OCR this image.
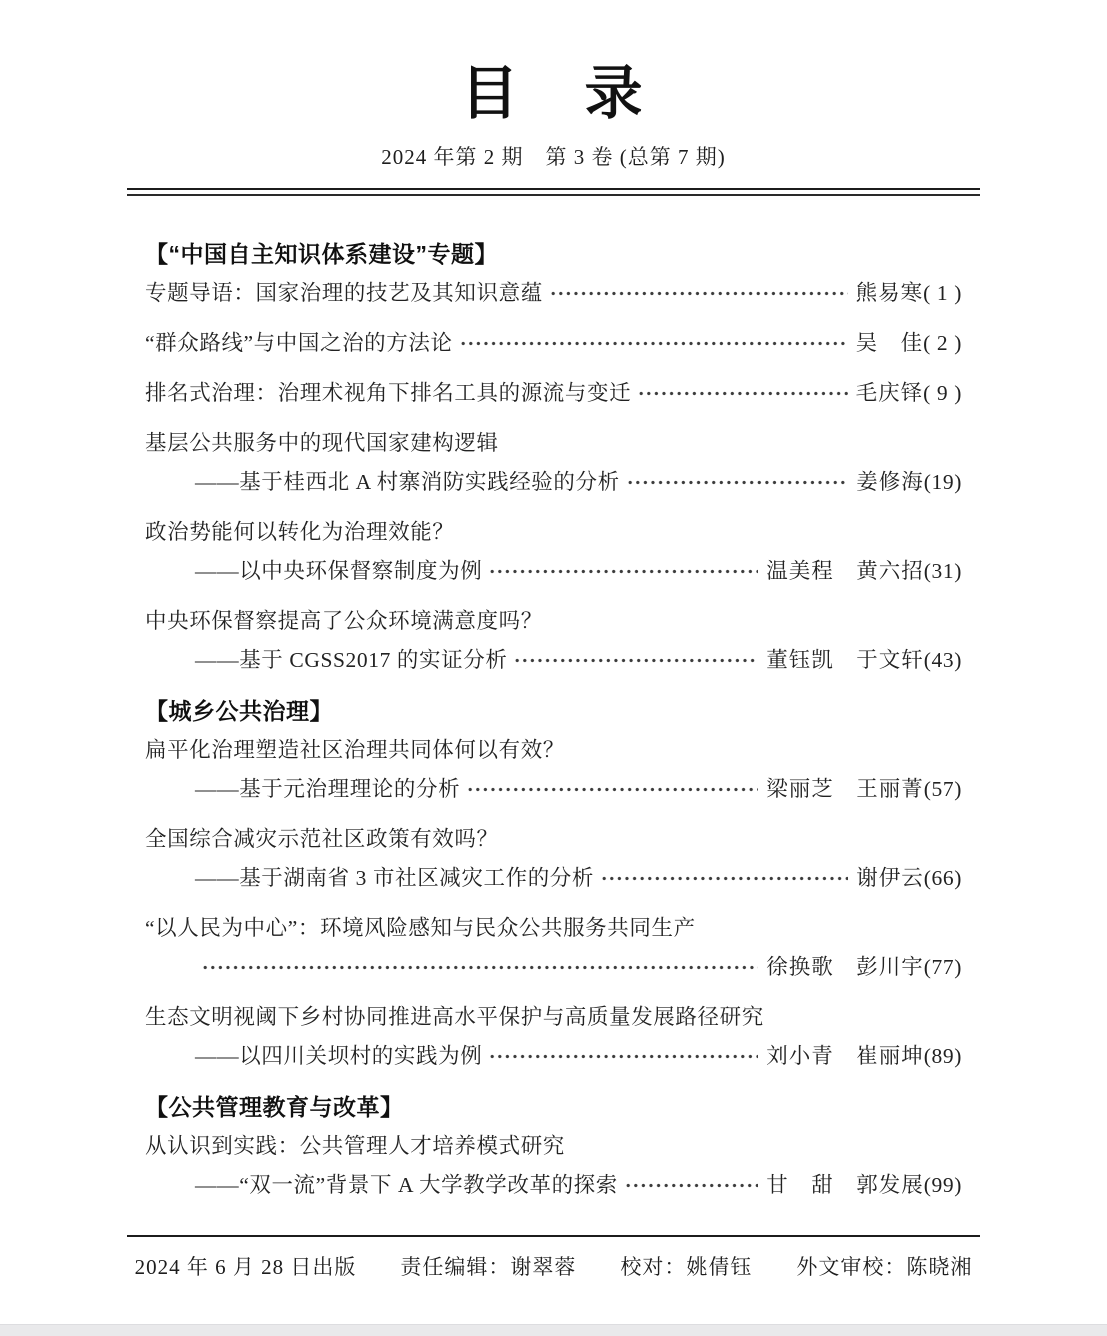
目　录
2024 年第 2 期　第 3 卷 (总第 7 期)
【“中国自主知识体系建设”专题】
专题导语：国家治理的技艺及其知识意蕴	熊易寒 ( 1 )
“群众路线”与中国之治的方法论	吴　佳 ( 2 )
排名式治理：治理术视角下排名工具的源流与变迁	毛庆铎 ( 9 )
基层公共服务中的现代国家建构逻辑
——基于桂西北 A 村寨消防实践经验的分析	姜修海 (19)
政治势能何以转化为治理效能？
——以中央环保督察制度为例	温美程　黄六招 (31)
中央环保督察提高了公众环境满意度吗？
——基于 CGSS2017 的实证分析	董钰凯　于文轩 (43)
【城乡公共治理】
扁平化治理塑造社区治理共同体何以有效？
——基于元治理理论的分析	梁丽芝　王丽菁 (57)
全国综合减灾示范社区政策有效吗？
——基于湖南省 3 市社区减灾工作的分析	谢伊云 (66)
“以人民为中心”：环境风险感知与民众公共服务共同生产
徐换歌　彭川宇 (77)
生态文明视阈下乡村协同推进高水平保护与高质量发展路径研究
——以四川关坝村的实践为例	刘小青　崔丽坤 (89)
【公共管理教育与改革】
从认识到实践：公共管理人才培养模式研究
——“双一流”背景下 A 大学教学改革的探索	甘　甜　郭发展 (99)
2024 年 6 月 28 日出版　　责任编辑：谢翠蓉　　校对：姚倩钰　　外文审校：陈晓湘
